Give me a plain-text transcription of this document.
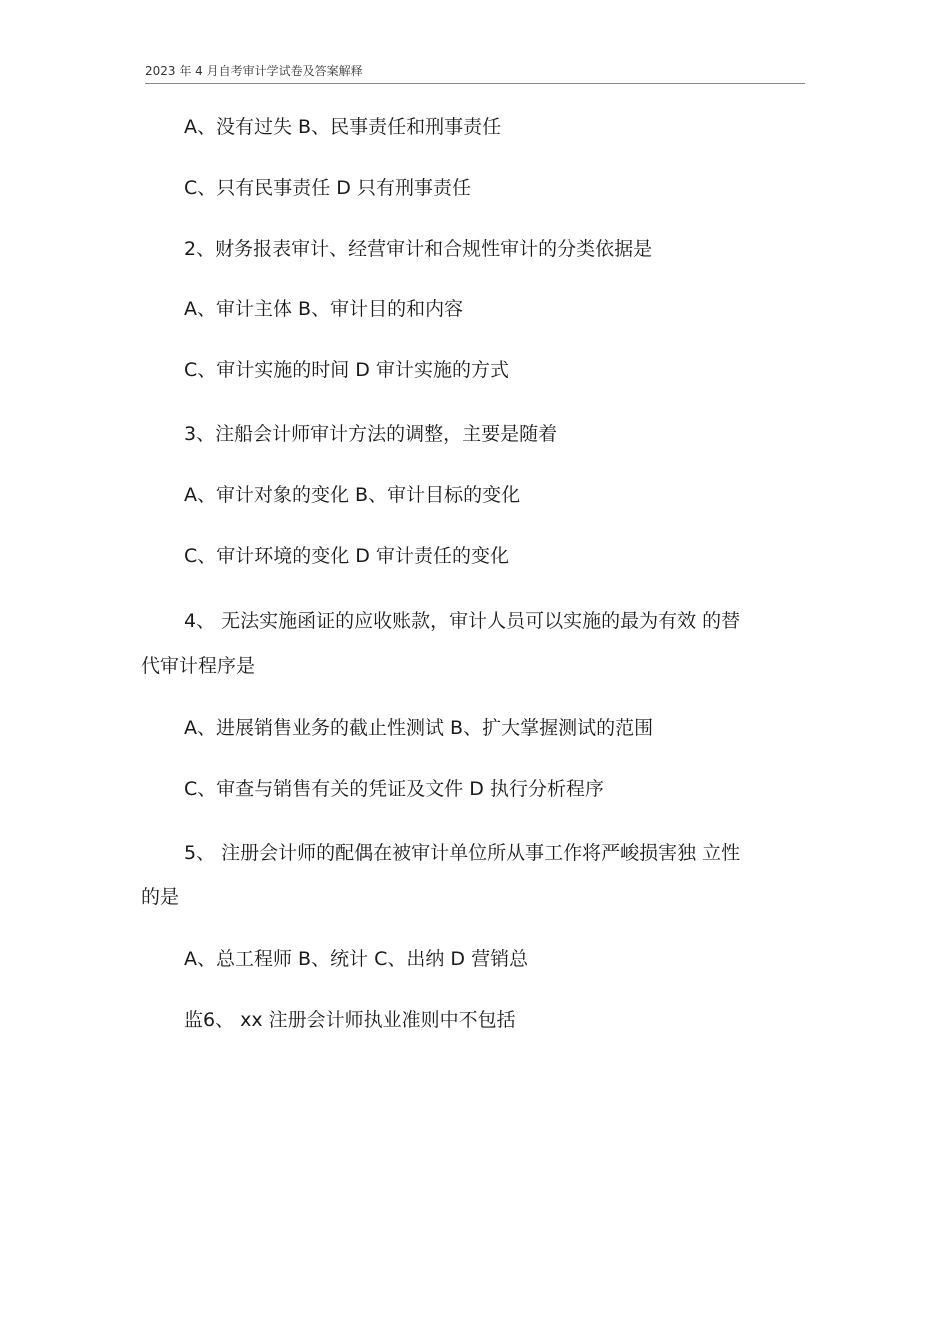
2023 年 4 月自考审计学试卷及答案解释
A、没有过失 B、民事责任和刑事责任
C、只有民事责任 D 只有刑事责任
2、财务报表审计、经营审计和合规性审计的分类依据是
A、审计主体 B、审计目的和内容
C、审计实施的时间 D 审计实施的方式
3、注船会计师审计方法的调整，主要是随着
A、审计对象的变化 B、审计目标的变化
C、审计环境的变化 D 审计责任的变化
4、 无法实施函证的应收账款，审计人员可以实施的最为有效 的替
代审计程序是
A、进展销售业务的截止性测试 B、扩大掌握测试的范围
C、审查与销售有关的凭证及文件 D 执行分析程序
5、 注册会计师的配偶在被审计单位所从事工作将严峻损害独 立性
的是
A、总工程师 B、统计 C、出纳 D 营销总
监6、 xx 注册会计师执业准则中不包括
